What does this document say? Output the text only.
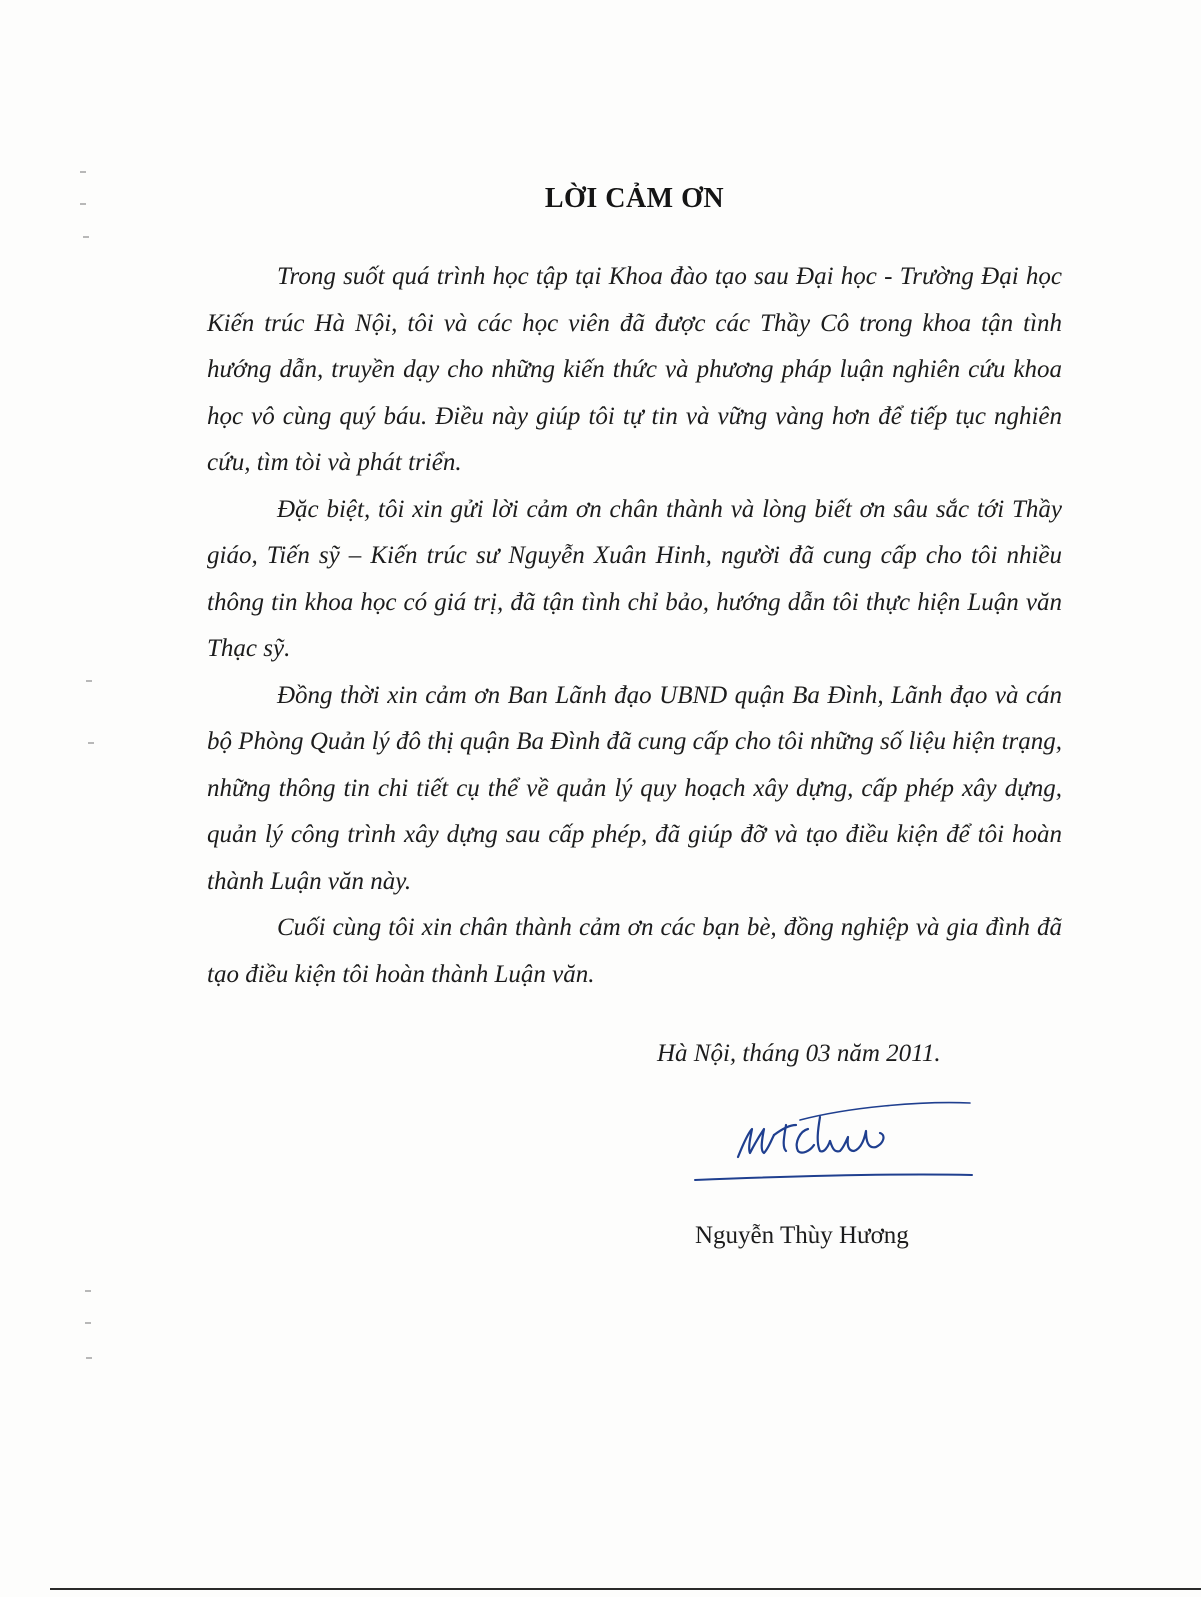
LỜI CẢM ƠN

Trong suốt quá trình học tập tại Khoa đào tạo sau Đại học - Trường Đại học Kiến trúc Hà Nội, tôi và các học viên đã được các Thầy Cô trong khoa tận tình hướng dẫn, truyền dạy cho những kiến thức và phương pháp luận nghiên cứu khoa học vô cùng quý báu. Điều này giúp tôi tự tin và vững vàng hơn để tiếp tục nghiên cứu, tìm tòi và phát triển.

Đặc biệt, tôi xin gửi lời cảm ơn chân thành và lòng biết ơn sâu sắc tới Thầy giáo, Tiến sỹ – Kiến trúc sư Nguyễn Xuân Hinh, người đã cung cấp cho tôi nhiều thông tin khoa học có giá trị, đã tận tình chỉ bảo, hướng dẫn tôi thực hiện Luận văn Thạc sỹ.

Đồng thời xin cảm ơn Ban Lãnh đạo UBND quận Ba Đình, Lãnh đạo và cán bộ Phòng Quản lý đô thị quận Ba Đình đã cung cấp cho tôi những số liệu hiện trạng, những thông tin chi tiết cụ thể về quản lý quy hoạch xây dựng, cấp phép xây dựng, quản lý công trình xây dựng sau cấp phép, đã giúp đỡ và tạo điều kiện để tôi hoàn thành Luận văn này.

Cuối cùng tôi xin chân thành cảm ơn các bạn bè, đồng nghiệp và gia đình đã tạo điều kiện tôi hoàn thành Luận văn.

Hà Nội, tháng 03 năm 2011.
Nguyễn Thùy Hương
